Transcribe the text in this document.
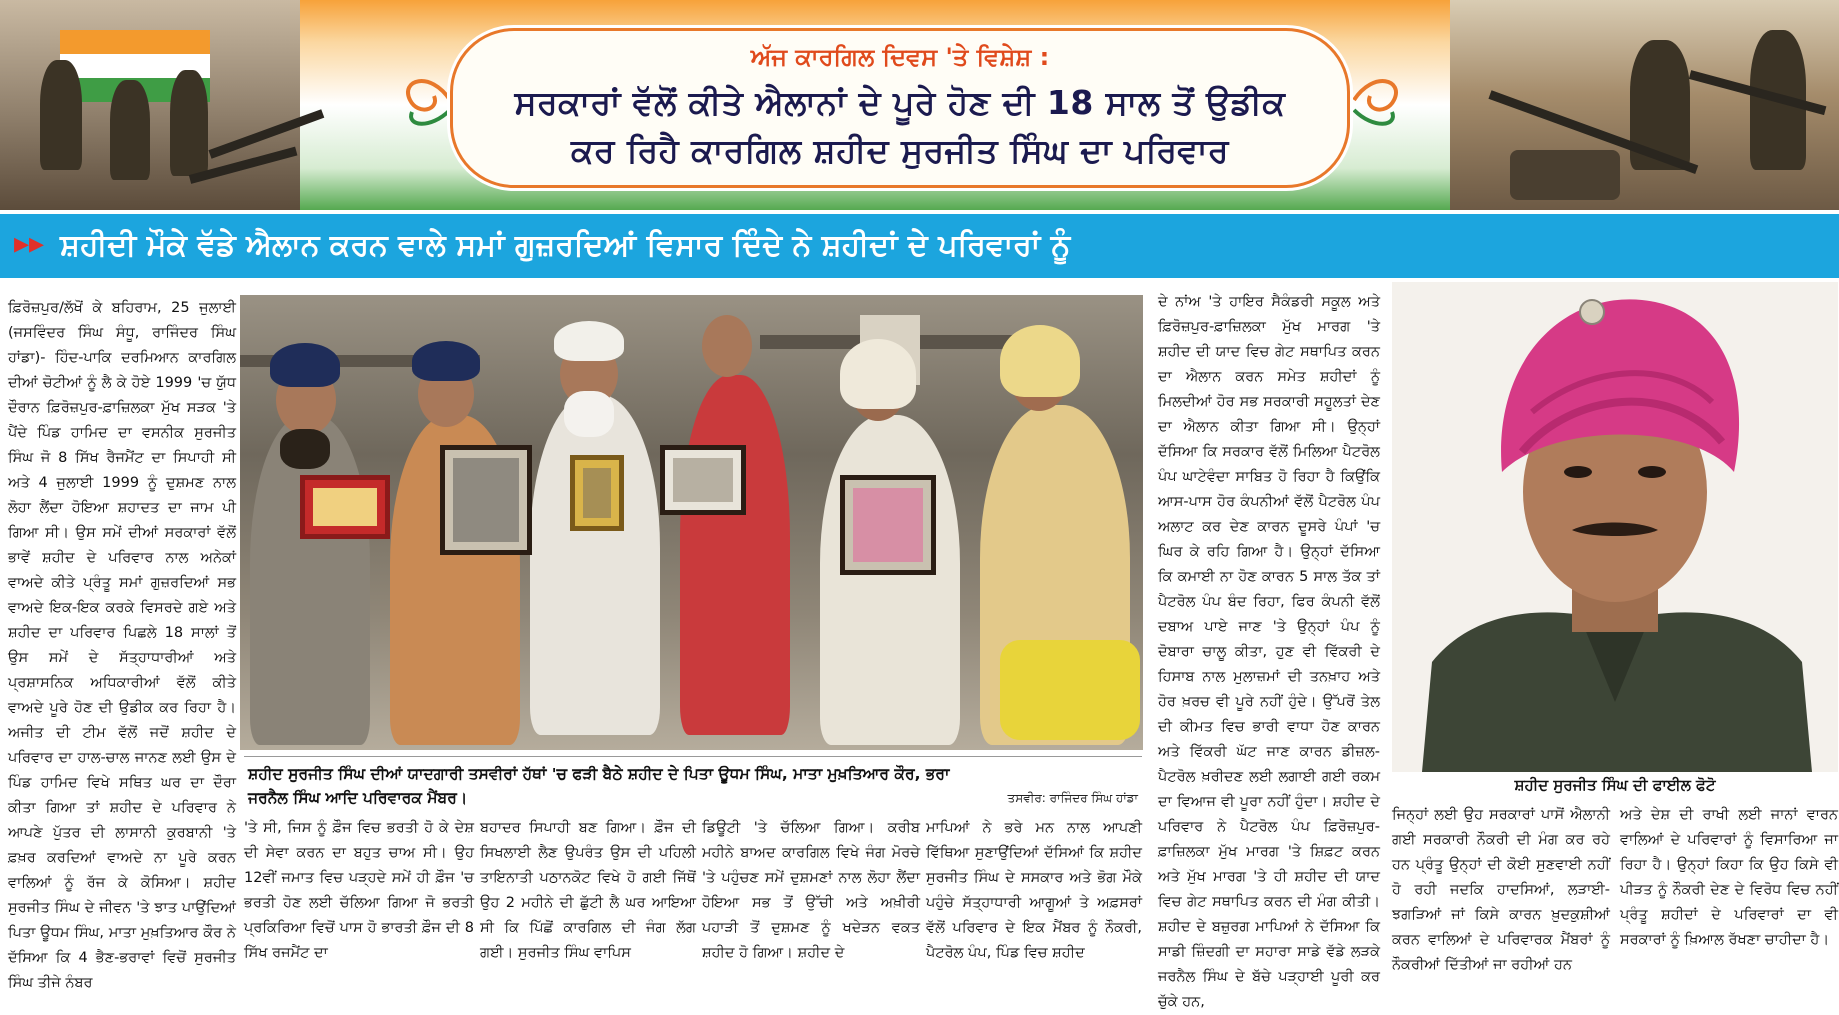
ਅੱਜ ਕਾਰਗਿਲ ਦਿਵਸ 'ਤੇ ਵਿਸ਼ੇਸ਼ :
ਸਰਕਾਰਾਂ ਵੱਲੋਂ ਕੀਤੇ ਐਲਾਨਾਂ ਦੇ ਪੂਰੇ ਹੋਣ ਦੀ 18 ਸਾਲ ਤੋਂ ਉਡੀਕ
ਕਰ ਰਿਹੈ ਕਾਰਗਿਲ ਸ਼ਹੀਦ ਸੁਰਜੀਤ ਸਿੰਘ ਦਾ ਪਰਿਵਾਰ
▸▸ ਸ਼ਹੀਦੀ ਮੌਕੇ ਵੱਡੇ ਐਲਾਨ ਕਰਨ ਵਾਲੇ ਸਮਾਂ ਗੁਜ਼ਰਦਿਆਂ ਵਿਸਾਰ ਦਿੰਦੇ ਨੇ ਸ਼ਹੀਦਾਂ ਦੇ ਪਰਿਵਾਰਾਂ ਨੂੰ
ਫ਼ਿਰੋਜ਼ਪੁਰ/ਲੱਖੋਂ ਕੇ ਬਹਿਰਾਮ, 25 ਜੁਲਾਈ (ਜਸਵਿੰਦਰ ਸਿੰਘ ਸੰਧੂ, ਰਾਜਿੰਦਰ ਸਿੰਘ ਹਾਂਡਾ)- ਹਿੰਦ-ਪਾਕਿ ਦਰਮਿਆਨ ਕਾਰਗਿਲ ਦੀਆਂ ਚੋਟੀਆਂ ਨੂੰ ਲੈ ਕੇ ਹੋਏ 1999 'ਚ ਯੁੱਧ ਦੌਰਾਨ ਫ਼ਿਰੋਜ਼ਪੁਰ-ਫ਼ਾਜ਼ਿਲਕਾ ਮੁੱਖ ਸੜਕ 'ਤੇ ਪੈਂਦੇ ਪਿੰਡ ਹਾਮਿਦ ਦਾ ਵਸਨੀਕ ਸੁਰਜੀਤ ਸਿੰਘ ਜੋ 8 ਸਿੱਖ ਰੈਜਮੈਂਟ ਦਾ ਸਿਪਾਹੀ ਸੀ ਅਤੇ 4 ਜੁਲਾਈ 1999 ਨੂੰ ਦੁਸ਼ਮਣ ਨਾਲ ਲੋਹਾ ਲੈਂਦਾ ਹੋਇਆ ਸ਼ਹਾਦਤ ਦਾ ਜਾਮ ਪੀ ਗਿਆ ਸੀ। ਉਸ ਸਮੇਂ ਦੀਆਂ ਸਰਕਾਰਾਂ ਵੱਲੋਂ ਭਾਵੇਂ ਸ਼ਹੀਦ ਦੇ ਪਰਿਵਾਰ ਨਾਲ ਅਨੇਕਾਂ ਵਾਅਦੇ ਕੀਤੇ ਪ੍ਰੰਤੂ ਸਮਾਂ ਗੁਜ਼ਰਦਿਆਂ ਸਭ ਵਾਅਦੇ ਇਕ-ਇਕ ਕਰਕੇ ਵਿਸਰਦੇ ਗਏ ਅਤੇ ਸ਼ਹੀਦ ਦਾ ਪਰਿਵਾਰ ਪਿਛਲੇ 18 ਸਾਲਾਂ ਤੋਂ ਉਸ ਸਮੇਂ ਦੇ ਸੱਤ੍ਹਾਧਾਰੀਆਂ ਅਤੇ ਪ੍ਰਸ਼ਾਸਨਿਕ ਅਧਿਕਾਰੀਆਂ ਵੱਲੋਂ ਕੀਤੇ ਵਾਅਦੇ ਪੂਰੇ ਹੋਣ ਦੀ ਉਡੀਕ ਕਰ ਰਿਹਾ ਹੈ। ਅਜੀਤ ਦੀ ਟੀਮ ਵੱਲੋਂ ਜਦੋਂ ਸ਼ਹੀਦ ਦੇ ਪਰਿਵਾਰ ਦਾ ਹਾਲ-ਚਾਲ ਜਾਨਣ ਲਈ ਉਸ ਦੇ ਪਿੰਡ ਹਾਮਿਦ ਵਿਖੇ ਸਥਿਤ ਘਰ ਦਾ ਦੌਰਾ ਕੀਤਾ ਗਿਆ ਤਾਂ ਸ਼ਹੀਦ ਦੇ ਪਰਿਵਾਰ ਨੇ ਆਪਣੇ ਪੁੱਤਰ ਦੀ ਲਾਸਾਨੀ ਕੁਰਬਾਨੀ 'ਤੇ ਫ਼ਖ਼ਰ ਕਰਦਿਆਂ ਵਾਅਦੇ ਨਾ ਪੂਰੇ ਕਰਨ ਵਾਲਿਆਂ ਨੂੰ ਰੱਜ ਕੇ ਕੋਸਿਆ। ਸ਼ਹੀਦ ਸੁਰਜੀਤ ਸਿੰਘ ਦੇ ਜੀਵਨ 'ਤੇ ਝਾਤ ਪਾਉਂਦਿਆਂ ਪਿਤਾ ਊਧਮ ਸਿੰਘ, ਮਾਤਾ ਮੁਖ਼ਤਿਆਰ ਕੌਰ ਨੇ ਦੱਸਿਆ ਕਿ 4 ਭੈਣ-ਭਰਾਵਾਂ ਵਿਚੋਂ ਸੁਰਜੀਤ ਸਿੰਘ ਤੀਜੇ ਨੰਬਰ
ਸ਼ਹੀਦ ਸੁਰਜੀਤ ਸਿੰਘ ਦੀਆਂ ਯਾਦਗਾਰੀ ਤਸਵੀਰਾਂ ਹੱਥਾਂ 'ਚ ਫੜੀ ਬੈਠੇ ਸ਼ਹੀਦ ਦੇ ਪਿਤਾ ਊਧਮ ਸਿੰਘ, ਮਾਤਾ ਮੁਖ਼ਤਿਆਰ ਕੌਰ, ਭਰਾ
ਜਰਨੈਲ ਸਿੰਘ ਆਦਿ ਪਰਿਵਾਰਕ ਮੈਂਬਰ।	ਤਸਵੀਰ: ਰਾਜਿੰਦਰ ਸਿੰਘ ਹਾਂਡਾ
'ਤੇ ਸੀ, ਜਿਸ ਨੂੰ ਫ਼ੌਜ ਵਿਚ ਭਰਤੀ ਹੋ ਕੇ ਦੇਸ਼ ਦੀ ਸੇਵਾ ਕਰਨ ਦਾ ਬਹੁਤ ਚਾਅ ਸੀ। ਉਹ 12ਵੀਂ ਜਮਾਤ ਵਿਚ ਪੜ੍ਹਦੇ ਸਮੇਂ ਹੀ ਫ਼ੌਜ 'ਚ ਭਰਤੀ ਹੋਣ ਲਈ ਚੱਲਿਆ ਗਿਆ ਜੋ ਭਰਤੀ ਪ੍ਰਕਿਰਿਆ ਵਿਚੋਂ ਪਾਸ ਹੋ ਭਾਰਤੀ ਫ਼ੌਜ ਦੀ 8 ਸਿੱਖ ਰਜਮੈਂਟ ਦਾ
ਬਹਾਦਰ ਸਿਪਾਹੀ ਬਣ ਗਿਆ। ਫ਼ੌਜ ਦੀ ਸਿਖਲਾਈ ਲੈਣ ਉਪਰੰਤ ਉਸ ਦੀ ਪਹਿਲੀ ਤਾਇਨਾਤੀ ਪਠਾਨਕੋਟ ਵਿਖੇ ਹੋ ਗਈ ਜਿੱਥੋਂ ਉਹ 2 ਮਹੀਨੇ ਦੀ ਛੁੱਟੀ ਲੈ ਘਰ ਆਇਆ ਸੀ ਕਿ ਪਿੱਛੋਂ ਕਾਰਗਿਲ ਦੀ ਜੰਗ ਲੱਗ ਗਈ। ਸੁਰਜੀਤ ਸਿੰਘ ਵਾਪਿਸ
ਡਿਊਟੀ 'ਤੇ ਚੱਲਿਆ ਗਿਆ। ਕਰੀਬ ਮਹੀਨੇ ਬਾਅਦ ਕਾਰਗਿਲ ਵਿਖੇ ਜੰਗ ਮੋਰਚੇ 'ਤੇ ਪਹੁੰਚਣ ਸਮੇਂ ਦੁਸ਼ਮਣਾਂ ਨਾਲ ਲੋਹਾ ਲੈਂਦਾ ਹੋਇਆ ਸਭ ਤੋਂ ਉੱਚੀ ਅਤੇ ਅਖ਼ੀਰੀ ਪਹਾੜੀ ਤੋਂ ਦੁਸ਼ਮਣ ਨੂੰ ਖਦੇੜਨ ਵਕਤ ਸ਼ਹੀਦ ਹੋ ਗਿਆ। ਸ਼ਹੀਦ ਦੇ
ਮਾਪਿਆਂ ਨੇ ਭਰੇ ਮਨ ਨਾਲ ਆਪਣੀ ਵਿੱਥਿਆ ਸੁਣਾਉਂਦਿਆਂ ਦੱਸਿਆਂ ਕਿ ਸ਼ਹੀਦ ਸੁਰਜੀਤ ਸਿੰਘ ਦੇ ਸਸਕਾਰ ਅਤੇ ਭੋਗ ਮੌਕੇ ਪਹੁੰਚੇ ਸੱਤ੍ਹਾਧਾਰੀ ਆਗੂਆਂ ਤੇ ਅਫ਼ਸਰਾਂ ਵੱਲੋਂ ਪਰਿਵਾਰ ਦੇ ਇਕ ਮੈਂਬਰ ਨੂੰ ਨੌਕਰੀ, ਪੈਟਰੋਲ ਪੰਪ, ਪਿੰਡ ਵਿਚ ਸ਼ਹੀਦ
ਦੇ ਨਾਂਅ 'ਤੇ ਹਾਇਰ ਸੈਕੰਡਰੀ ਸਕੂਲ ਅਤੇ ਫ਼ਿਰੋਜ਼ਪੁਰ-ਫ਼ਾਜ਼ਿਲਕਾ ਮੁੱਖ ਮਾਰਗ 'ਤੇ ਸ਼ਹੀਦ ਦੀ ਯਾਦ ਵਿਚ ਗੇਟ ਸਥਾਪਿਤ ਕਰਨ ਦਾ ਐਲਾਨ ਕਰਨ ਸਮੇਤ ਸ਼ਹੀਦਾਂ ਨੂੰ ਮਿਲਦੀਆਂ ਹੋਰ ਸਭ ਸਰਕਾਰੀ ਸਹੂਲਤਾਂ ਦੇਣ ਦਾ ਐਲਾਨ ਕੀਤਾ ਗਿਆ ਸੀ। ਉਨ੍ਹਾਂ ਦੱਸਿਆ ਕਿ ਸਰਕਾਰ ਵੱਲੋਂ ਮਿਲਿਆ ਪੈਟਰੋਲ ਪੰਪ ਘਾਟੇਵੰਦਾ ਸਾਬਿਤ ਹੋ ਰਿਹਾ ਹੈ ਕਿਉਂਕਿ ਆਸ-ਪਾਸ ਹੋਰ ਕੰਪਨੀਆਂ ਵੱਲੋਂ ਪੈਟਰੋਲ ਪੰਪ ਅਲਾਟ ਕਰ ਦੇਣ ਕਾਰਨ ਦੂਸਰੇ ਪੰਪਾਂ 'ਚ ਘਿਰ ਕੇ ਰਹਿ ਗਿਆ ਹੈ। ਉਨ੍ਹਾਂ ਦੱਸਿਆ ਕਿ ਕਮਾਈ ਨਾ ਹੋਣ ਕਾਰਨ 5 ਸਾਲ ਤੱਕ ਤਾਂ ਪੈਟਰੋਲ ਪੰਪ ਬੰਦ ਰਿਹਾ, ਫਿਰ ਕੰਪਨੀ ਵੱਲੋਂ ਦਬਾਅ ਪਾਏ ਜਾਣ 'ਤੇ ਉਨ੍ਹਾਂ ਪੰਪ ਨੂੰ ਦੋਬਾਰਾ ਚਾਲੂ ਕੀਤਾ, ਹੁਣ ਵੀ ਵਿੱਕਰੀ ਦੇ ਹਿਸਾਬ ਨਾਲ ਮੁਲਾਜ਼ਮਾਂ ਦੀ ਤਨਖ਼ਾਹ ਅਤੇ ਹੋਰ ਖ਼ਰਚ ਵੀ ਪੂਰੇ ਨਹੀਂ ਹੁੰਦੇ। ਉੱਪਰੋਂ ਤੇਲ ਦੀ ਕੀਮਤ ਵਿਚ ਭਾਰੀ ਵਾਧਾ ਹੋਣ ਕਾਰਨ ਅਤੇ ਵਿੱਕਰੀ ਘੱਟ ਜਾਣ ਕਾਰਨ ਡੀਜ਼ਲ-ਪੈਟਰੋਲ ਖ਼ਰੀਦਣ ਲਈ ਲਗਾਈ ਗਈ ਰਕਮ ਦਾ ਵਿਆਜ ਵੀ ਪੂਰਾ ਨਹੀਂ ਹੁੰਦਾ। ਸ਼ਹੀਦ ਦੇ ਪਰਿਵਾਰ ਨੇ ਪੈਟਰੋਲ ਪੰਪ ਫ਼ਿਰੋਜ਼ਪੁਰ-ਫ਼ਾਜ਼ਿਲਕਾ ਮੁੱਖ ਮਾਰਗ 'ਤੇ ਸ਼ਿਫ਼ਟ ਕਰਨ ਅਤੇ ਮੁੱਖ ਮਾਰਗ 'ਤੇ ਹੀ ਸ਼ਹੀਦ ਦੀ ਯਾਦ ਵਿਚ ਗੇਟ ਸਥਾਪਿਤ ਕਰਨ ਦੀ ਮੰਗ ਕੀਤੀ। ਸ਼ਹੀਦ ਦੇ ਬਜ਼ੁਰਗ ਮਾਪਿਆਂ ਨੇ ਦੱਸਿਆ ਕਿ ਸਾਡੀ ਜ਼ਿੰਦਗੀ ਦਾ ਸਹਾਰਾ ਸਾਡੇ ਵੱਡੇ ਲੜਕੇ ਜਰਨੈਲ ਸਿੰਘ ਦੇ ਬੱਚੇ ਪੜ੍ਹਾਈ ਪੂਰੀ ਕਰ ਚੁੱਕੇ ਹਨ,
ਸ਼ਹੀਦ ਸੁਰਜੀਤ ਸਿੰਘ ਦੀ ਫਾਈਲ ਫੋਟੋ
ਜਿਨ੍ਹਾਂ ਲਈ ਉਹ ਸਰਕਾਰਾਂ ਪਾਸੋਂ ਐਲਾਨੀ ਗਈ ਸਰਕਾਰੀ ਨੌਕਰੀ ਦੀ ਮੰਗ ਕਰ ਰਹੇ ਹਨ ਪ੍ਰੰਤੂ ਉਨ੍ਹਾਂ ਦੀ ਕੋਈ ਸੁਣਵਾਈ ਨਹੀਂ ਹੋ ਰਹੀ ਜਦਕਿ ਹਾਦਸਿਆਂ, ਲੜਾਈ-ਝਗੜਿਆਂ ਜਾਂ ਕਿਸੇ ਕਾਰਨ ਖ਼ੁਦਕੁਸ਼ੀਆਂ ਕਰਨ ਵਾਲਿਆਂ ਦੇ ਪਰਿਵਾਰਕ ਮੈਂਬਰਾਂ ਨੂੰ ਨੌਕਰੀਆਂ ਦਿੱਤੀਆਂ ਜਾ ਰਹੀਆਂ ਹਨ
ਅਤੇ ਦੇਸ਼ ਦੀ ਰਾਖੀ ਲਈ ਜਾਨਾਂ ਵਾਰਨ ਵਾਲਿਆਂ ਦੇ ਪਰਿਵਾਰਾਂ ਨੂੰ ਵਿਸਾਰਿਆ ਜਾ ਰਿਹਾ ਹੈ। ਉਨ੍ਹਾਂ ਕਿਹਾ ਕਿ ਉਹ ਕਿਸੇ ਵੀ ਪੀੜਤ ਨੂੰ ਨੌਕਰੀ ਦੇਣ ਦੇ ਵਿਰੋਧ ਵਿਚ ਨਹੀਂ ਪ੍ਰੰਤੂ ਸ਼ਹੀਦਾਂ ਦੇ ਪਰਿਵਾਰਾਂ ਦਾ ਵੀ ਸਰਕਾਰਾਂ ਨੂੰ ਖ਼ਿਆਲ ਰੱਖਣਾ ਚਾਹੀਦਾ ਹੈ।
